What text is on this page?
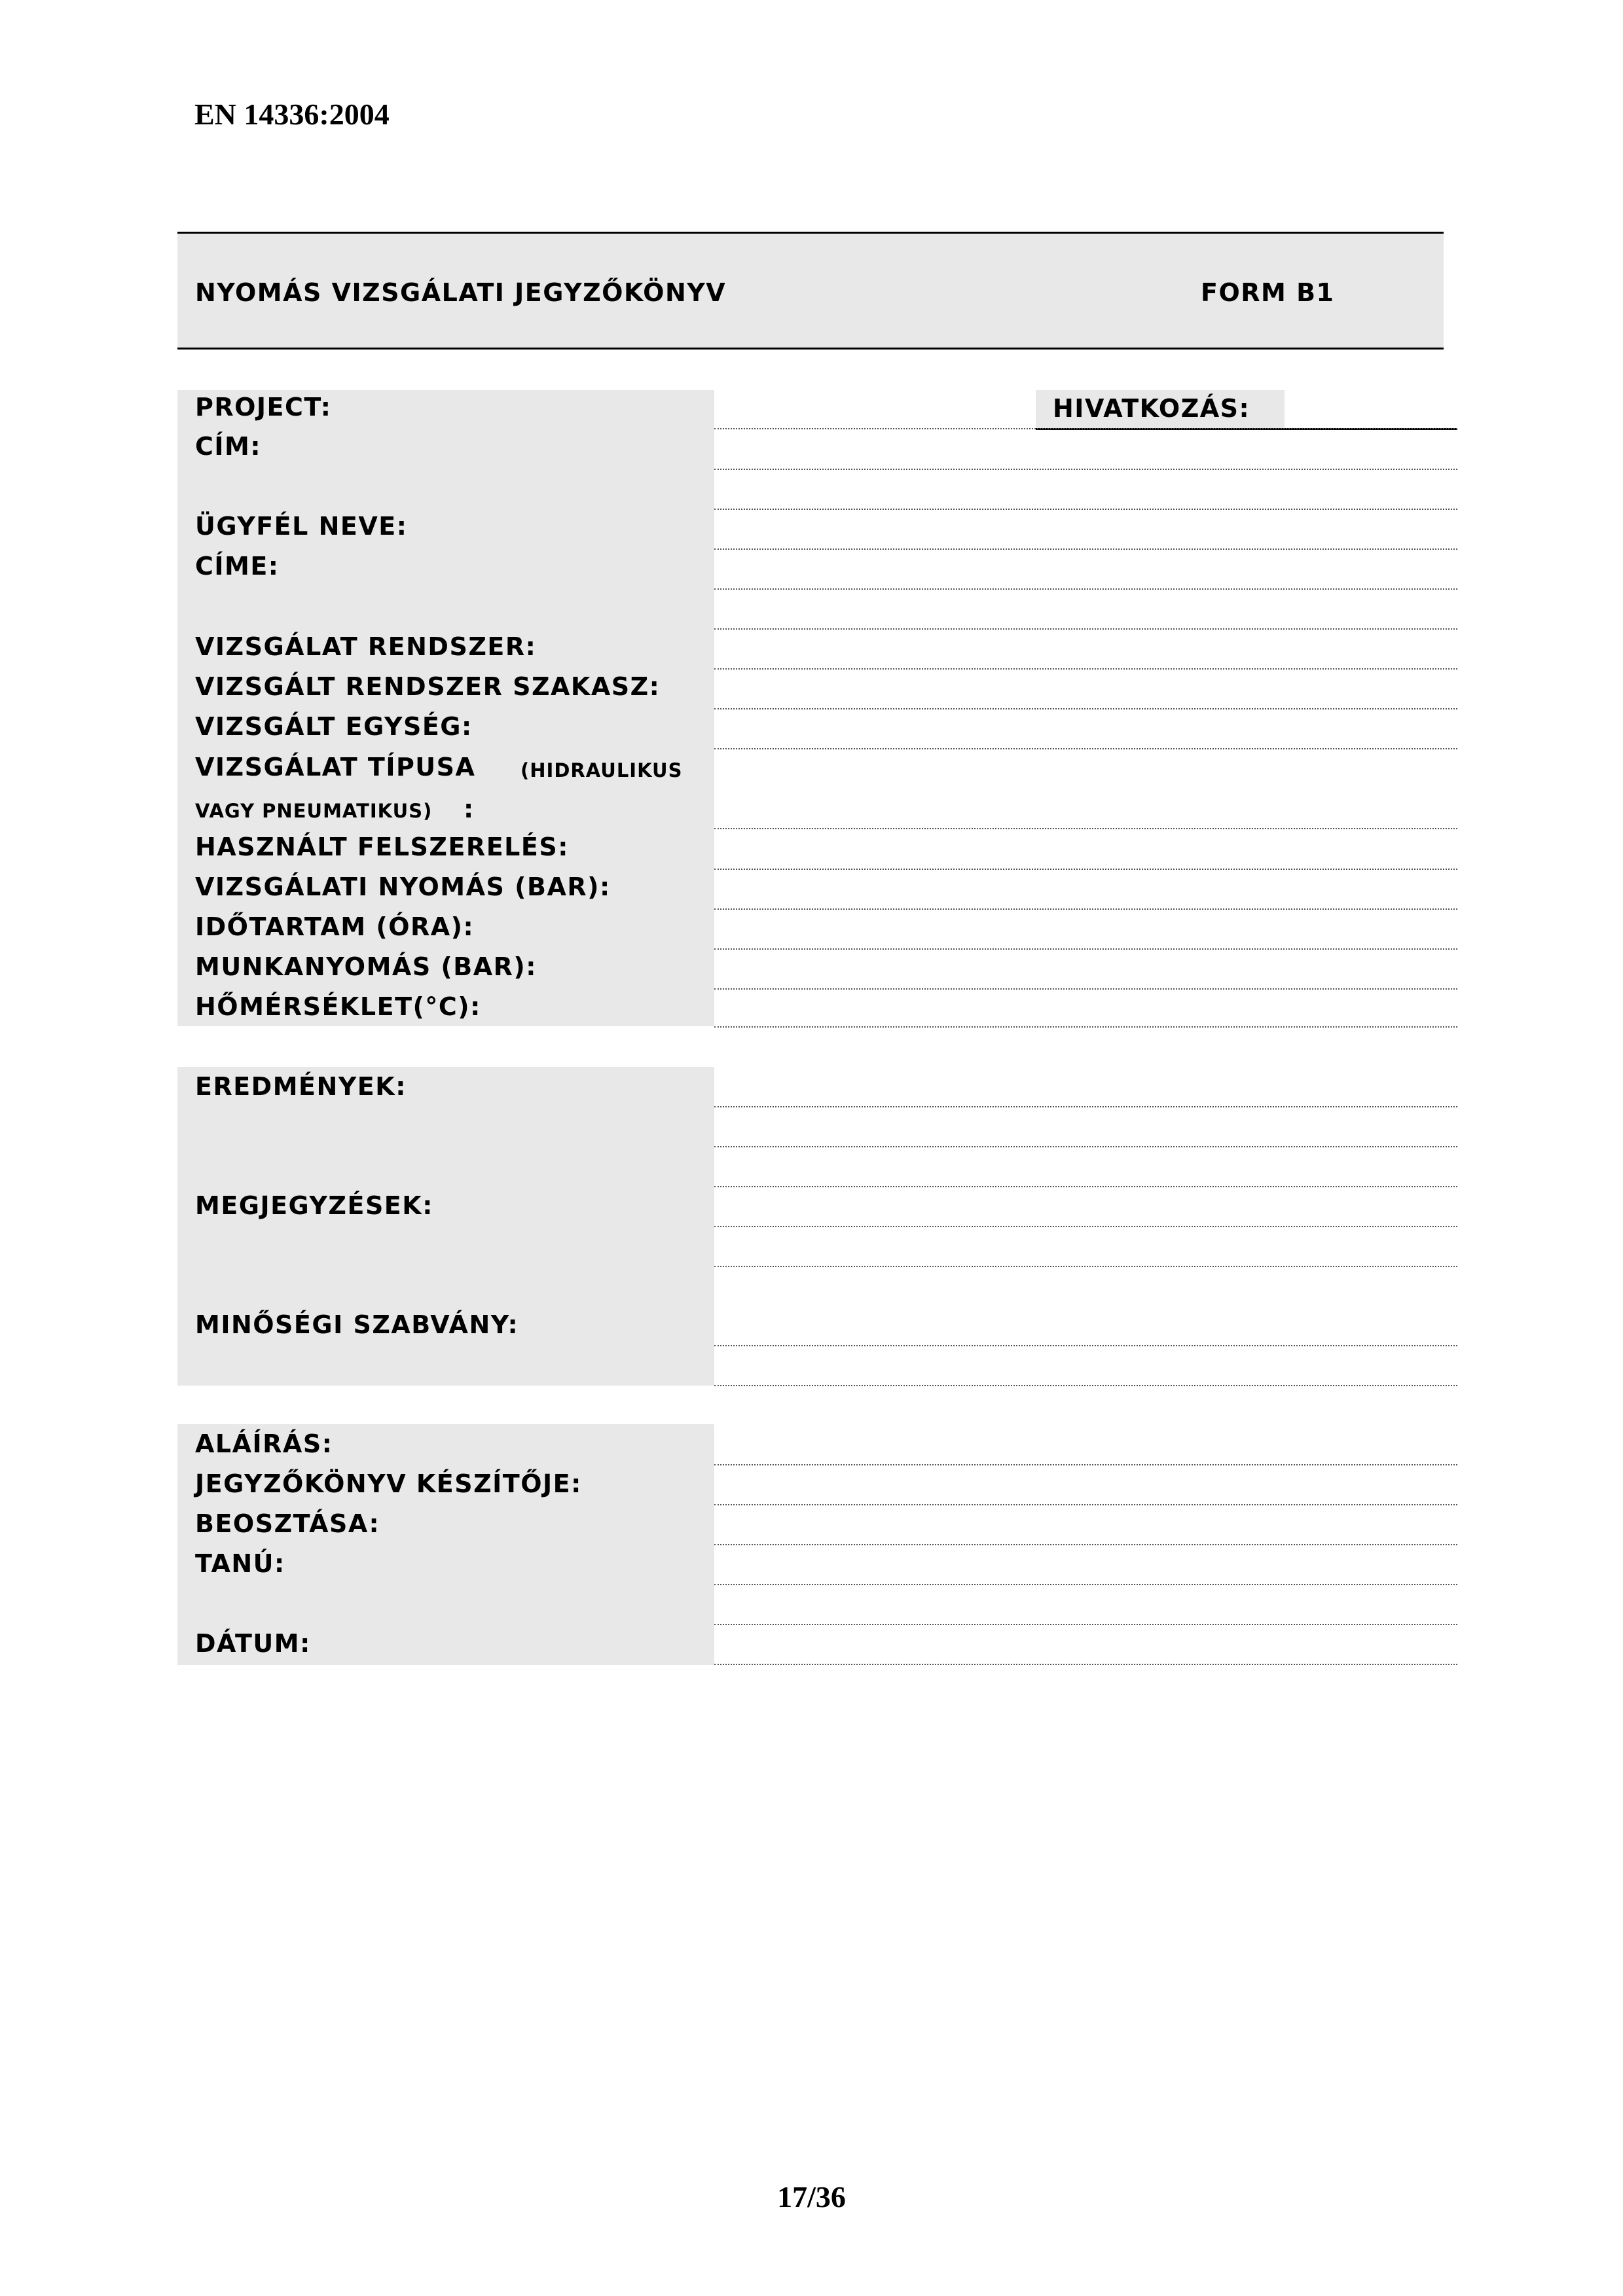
EN 14336:2004
NYOMÁS VIZSGÁLATI JEGYZŐKÖNYV	FORM B1
PROJECT:
CÍM:
ÜGYFÉL NEVE:
CÍME:
VIZSGÁLAT RENDSZER:
VIZSGÁLT RENDSZER SZAKASZ:
VIZSGÁLT EGYSÉG:
VIZSGÁLAT TÍPUSA (HIDRAULIKUS
VAGY PNEUMATIKUS) :
HASZNÁLT FELSZERELÉS:
VIZSGÁLATI NYOMÁS (BAR):
IDŐTARTAM (ÓRA):
MUNKANYOMÁS (BAR):
HŐMÉRSÉKLET(°C):
HIVATKOZÁS:
EREDMÉNYEK:
MEGJEGYZÉSEK:
MINŐSÉGI SZABVÁNY:
ALÁÍRÁS:
JEGYZŐKÖNYV KÉSZÍTŐJE:
BEOSZTÁSA:
TANÚ:
DÁTUM:
17/36
